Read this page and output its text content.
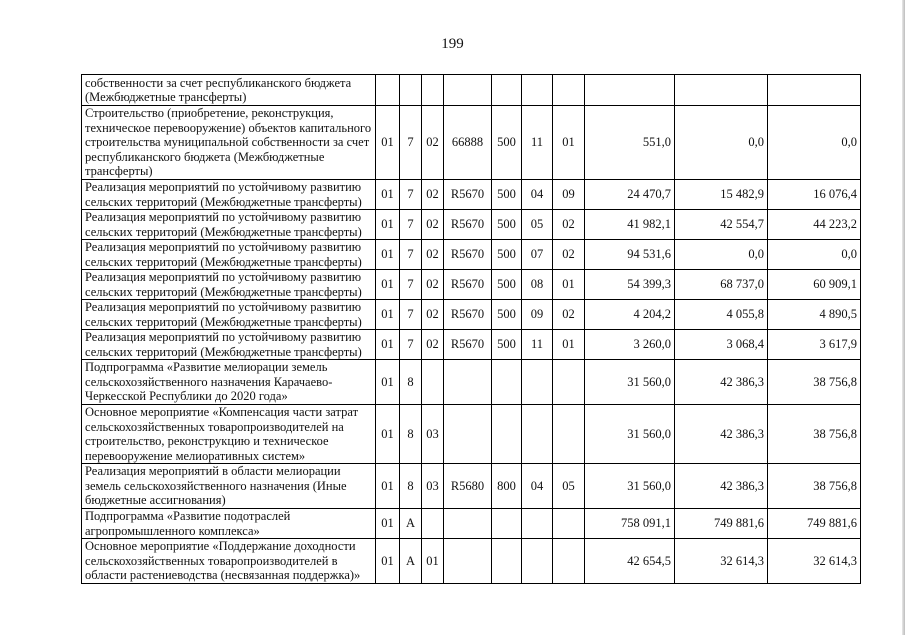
199
собственности за счет республиканского бюджета (Межбюджетные трансферты)										
Строительство (приобретение, реконструкция, техническое перевооружение) объектов капитального строительства муниципальной собственности за счет республиканского бюджета (Межбюджетные трансферты)	01	7	02	66888	500	11	01	551,0	0,0	0,0
Реализация мероприятий по устойчивому развитию сельских территорий (Межбюджетные трансферты)	01	7	02	R5670	500	04	09	24 470,7	15 482,9	16 076,4
Реализация мероприятий по устойчивому развитию сельских территорий (Межбюджетные трансферты)	01	7	02	R5670	500	05	02	41 982,1	42 554,7	44 223,2
Реализация мероприятий по устойчивому развитию сельских территорий (Межбюджетные трансферты)	01	7	02	R5670	500	07	02	94 531,6	0,0	0,0
Реализация мероприятий по устойчивому развитию сельских территорий (Межбюджетные трансферты)	01	7	02	R5670	500	08	01	54 399,3	68 737,0	60 909,1
Реализация мероприятий по устойчивому развитию сельских территорий (Межбюджетные трансферты)	01	7	02	R5670	500	09	02	4 204,2	4 055,8	4 890,5
Реализация мероприятий по устойчивому развитию сельских территорий (Межбюджетные трансферты)	01	7	02	R5670	500	11	01	3 260,0	3 068,4	3 617,9
Подпрограмма «Развитие мелиорации земель сельскохозяйственного назначения Карачаево-Черкесской Республики до 2020 года»	01	8						31 560,0	42 386,3	38 756,8
Основное мероприятие «Компенсация части затрат сельскохозяйственных товаропроизводителей на строительство, реконструкцию и техническое перевооружение мелиоративных систем»	01	8	03					31 560,0	42 386,3	38 756,8
Реализация мероприятий в области мелиорации земель сельскохозяйственного назначения (Иные бюджетные ассигнования)	01	8	03	R5680	800	04	05	31 560,0	42 386,3	38 756,8
Подпрограмма «Развитие подотраслей агропромышленного комплекса»	01	А						758 091,1	749 881,6	749 881,6
Основное мероприятие «Поддержание доходности сельскохозяйственных товаропроизводителей в области растениеводства (несвязанная поддержка)»	01	А	01					42 654,5	32 614,3	32 614,3
